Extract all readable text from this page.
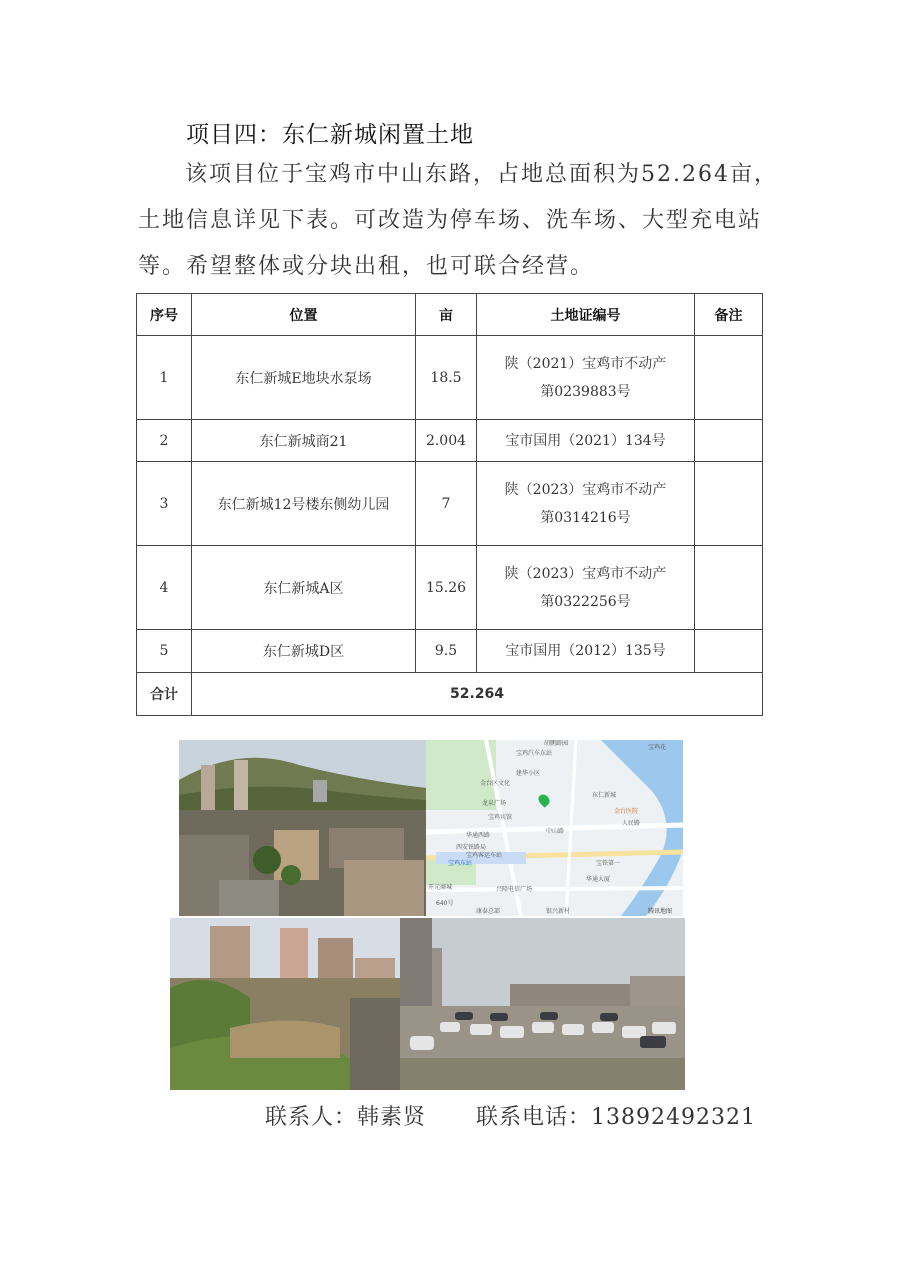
项目四：东仁新城闲置土地
该项目位于宝鸡市中山东路，占地总面积为52.264亩，
土地信息详见下表。可改造为停车场、洗车场、大型充电站
等。希望整体或分块出租，也可联合经营。
序号	位置	亩	土地证编号	备注
1	东仁新城E地块水泵场	18.5	陕（2021）宝鸡市不动产
第0239883号	

2	东仁新城商21	2.004	宝市国用（2021）134号	

3	东仁新城12号楼东侧幼儿园	7	陕（2023）宝鸡市不动产
第0314216号	

4	东仁新城A区	15.26	陕（2023）宝鸡市不动产
第0322256号	

5	东仁新城D区	9.5	宝市国用（2012）135号	

合计	52.264			
胡鹏路园
宝鸡汽车东站
宝鸡花
金台区文化
建华小区
龙泉广场
东仁新城
金台医院
宝鸡宾馆
人民路
中山路
华通西路
西安铁路局
宝鸡东站
宝鸡客运车站
宝铁第一
华通大厦
开元商城	兴隆电信广场
640号
康泰总部	银兴新村	腾讯地图
联系人：韩素贤 联系电话：13892492321
